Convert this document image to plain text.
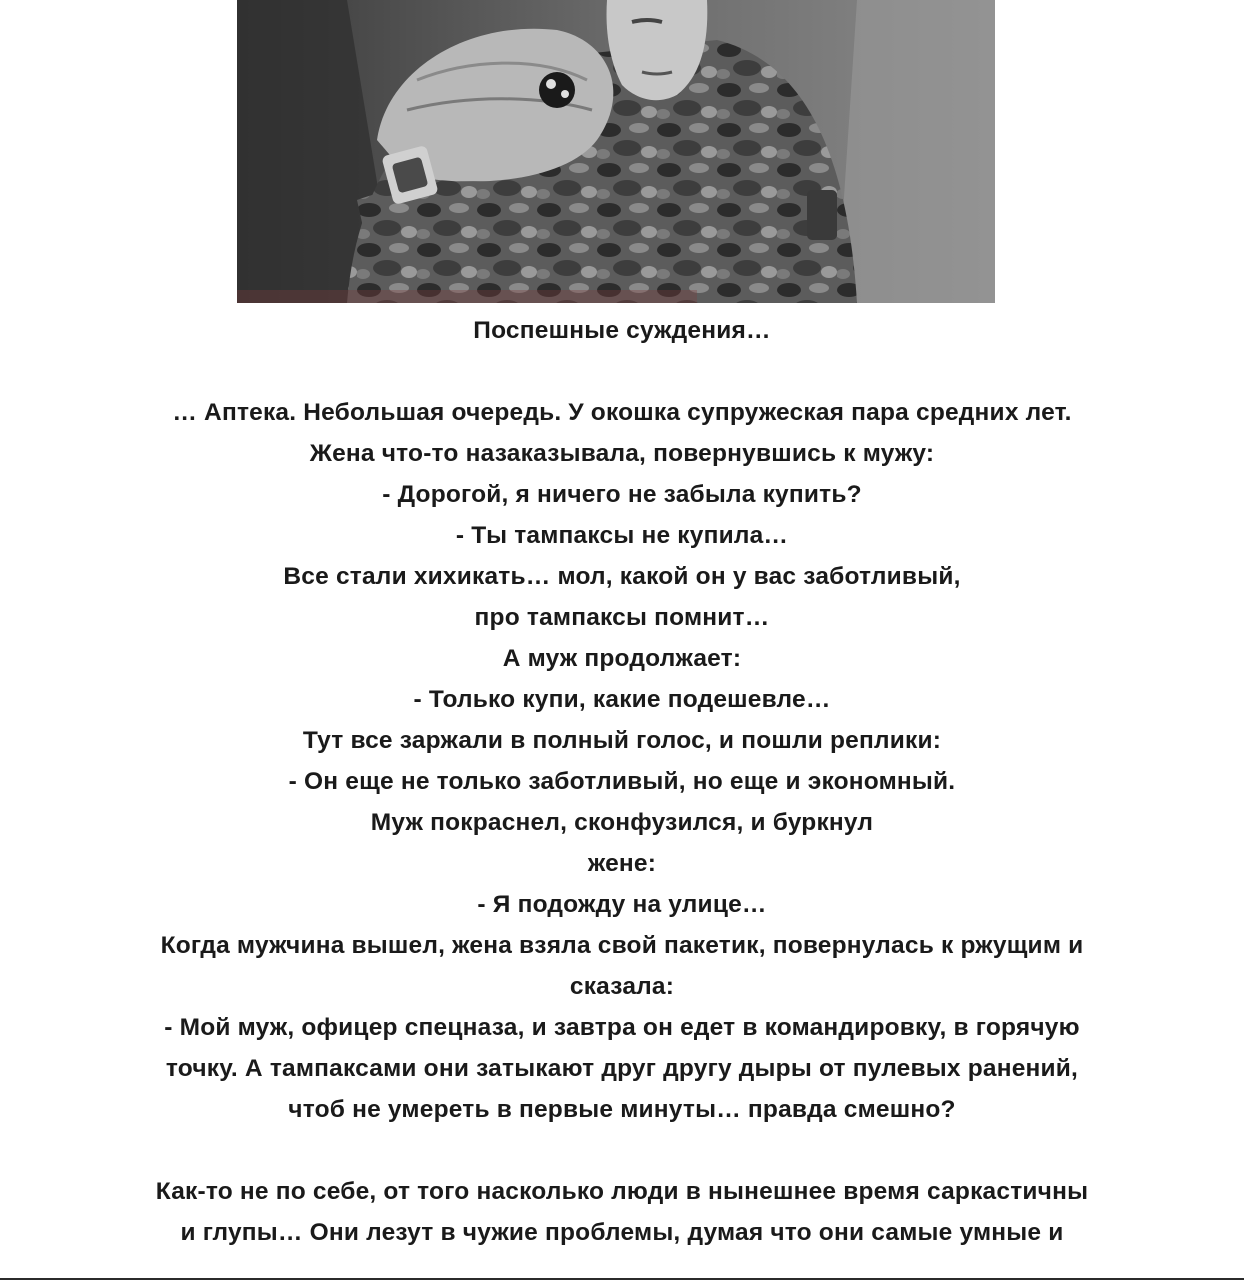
Поспешные суждения…

… Аптека. Небольшая очередь. У окошка супружеская пара средних лет.
Жена что-то назаказывала, повернувшись к мужу:
- Дорогой, я ничего не забыла купить?
- Ты тампаксы не купила…
Все стали хихикать… мол, какой он у вас заботливый,
про тампаксы помнит…
А муж продолжает:
- Только купи, какие подешевле…
Тут все заржали в полный голос, и пошли реплики:
- Он еще не только заботливый, но еще и экономный.
Муж покраснел, сконфузился, и буркнул
жене:
- Я подожду на улице…
Когда мужчина вышел, жена взяла свой пакетик, повернулась к ржущим и
сказала:
- Мой муж, офицер спецназа, и завтра он едет в командировку, в горячую
точку. А тампаксами они затыкают друг другу дыры от пулевых ранений,
чтоб не умереть в первые минуты… правда смешно?
Как-то не по себе, от того насколько люди в нынешнее время саркастичны
и глупы… Они лезут в чужие проблемы, думая что они самые умные и
